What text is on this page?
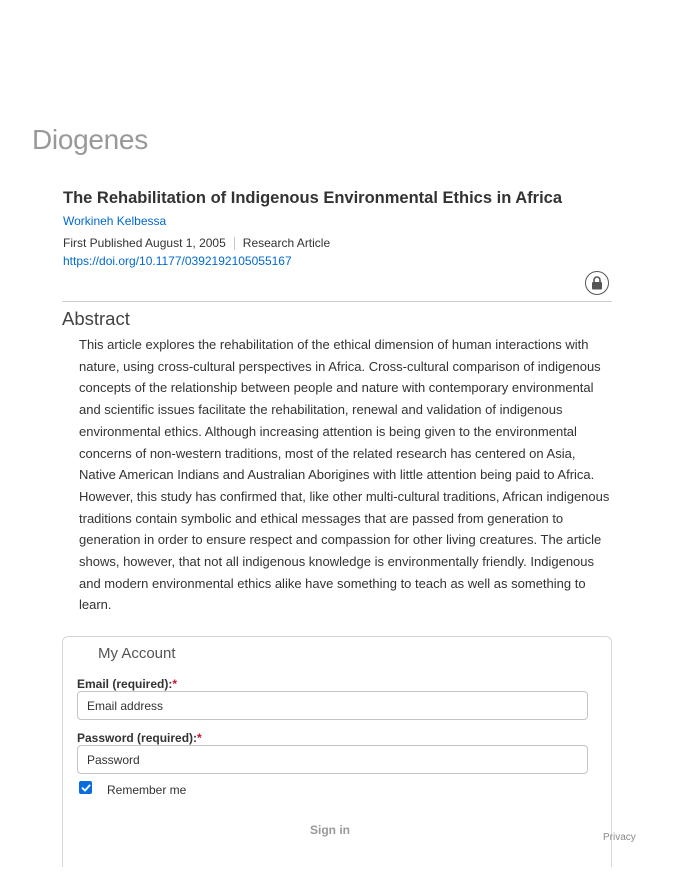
Diogenes
The Rehabilitation of Indigenous Environmental Ethics in Africa
Workineh Kelbessa
First Published August 1, 2005 Research Article
https://doi.org/10.1177/0392192105055167
Abstract

This article explores the rehabilitation of the ethical dimension of human interactions with nature, using cross-cultural perspectives in Africa. Cross-cultural comparison of indigenous concepts of the relationship between people and nature with contemporary environmental and scientific issues facilitate the rehabilitation, renewal and validation of indigenous environmental ethics. Although increasing attention is being given to the environmental concerns of non-western traditions, most of the related research has centered on Asia, Native American Indians and Australian Aborigines with little attention being paid to Africa. However, this study has confirmed that, like other multi-cultural traditions, African indigenous traditions contain symbolic and ethical messages that are passed from generation to generation in order to ensure respect and compassion for other living creatures. The article shows, however, that not all indigenous knowledge is environmentally friendly. Indigenous and modern environmental ethics alike have something to teach as well as something to learn.

My Account
Email (required):*
Email address
Password (required):*
Remember me
Sign in
Privacy
